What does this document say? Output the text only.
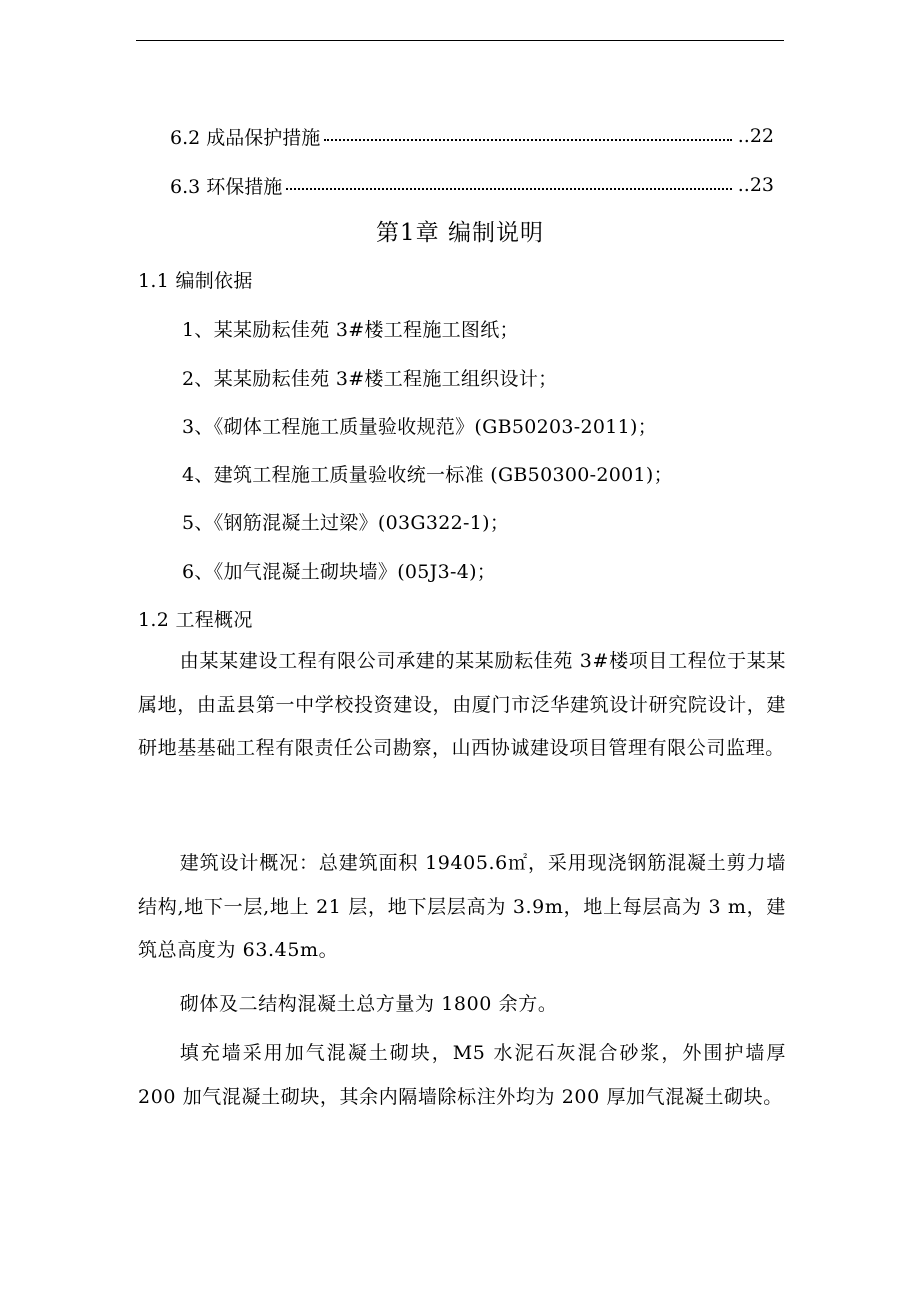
6.2 成品保护措施	..22
6.3 环保措施	..23
第1章 编制说明
1.1 编制依据
1、某某励耘佳苑 3#楼工程施工图纸；
2、某某励耘佳苑 3#楼工程施工组织设计；
3、《砌体工程施工质量验收规范》(GB50203-2011)；
4、建筑工程施工质量验收统一标准 (GB50300-2001)；
5、《钢筋混凝土过梁》(03G322-1)；
6、《加气混凝土砌块墙》(05J3-4)；
1.2 工程概况
由某某建设工程有限公司承建的某某励耘佳苑 3#楼项目工程位于某某属地，由盂县第一中学校投资建设，由厦门市泛华建筑设计研究院设计，建研地基基础工程有限责任公司勘察，山西协诚建设项目管理有限公司监理。
建筑设计概况：总建筑面积 19405.6㎡，采用现浇钢筋混凝土剪力墙结构,地下一层,地上 21 层，地下层层高为 3.9m，地上每层高为 3 m，建筑总高度为 63.45m。
砌体及二结构混凝土总方量为 1800 余方。
填充墙采用加气混凝土砌块，M5 水泥石灰混合砂浆，外围护墙厚 200 加气混凝土砌块，其余内隔墙除标注外均为 200 厚加气混凝土砌块。
